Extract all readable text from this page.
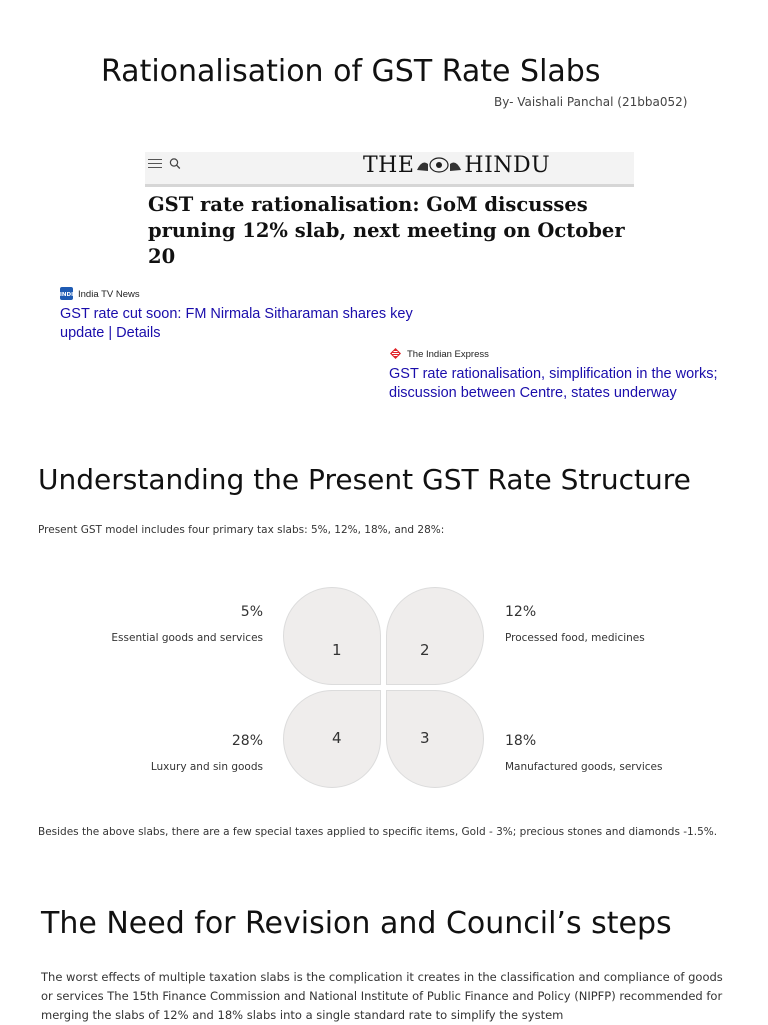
Rationalisation of GST Rate Slabs
By- Vaishali Panchal (21bba052)
THE HINDU
GST rate rationalisation: GoM discusses pruning 12% slab, next meeting on October 20
INDI India TV News
GST rate cut soon: FM Nirmala Sitharaman shares key update | Details
The Indian Express
GST rate rationalisation, simplification in the works; discussion between Centre, states underway
Understanding the Present GST Rate Structure
Present GST model includes four primary tax slabs: 5%, 12%, 18%, and 28%:
1	2
3
4
5%
Essential goods and services
12%
Processed food, medicines
18%
Manufactured goods, services
28%
Luxury and sin goods
Besides the above slabs, there are a few special taxes applied to specific items, Gold - 3%; precious stones and diamonds -1.5%.
The Need for Revision and Council’s steps
The worst effects of multiple taxation slabs is the complication it creates in the classification and compliance of goods or services The 15th Finance Commission and National Institute of Public Finance and Policy (NIPFP) recommended for merging the slabs of 12% and 18% slabs into a single standard rate to simplify the system
